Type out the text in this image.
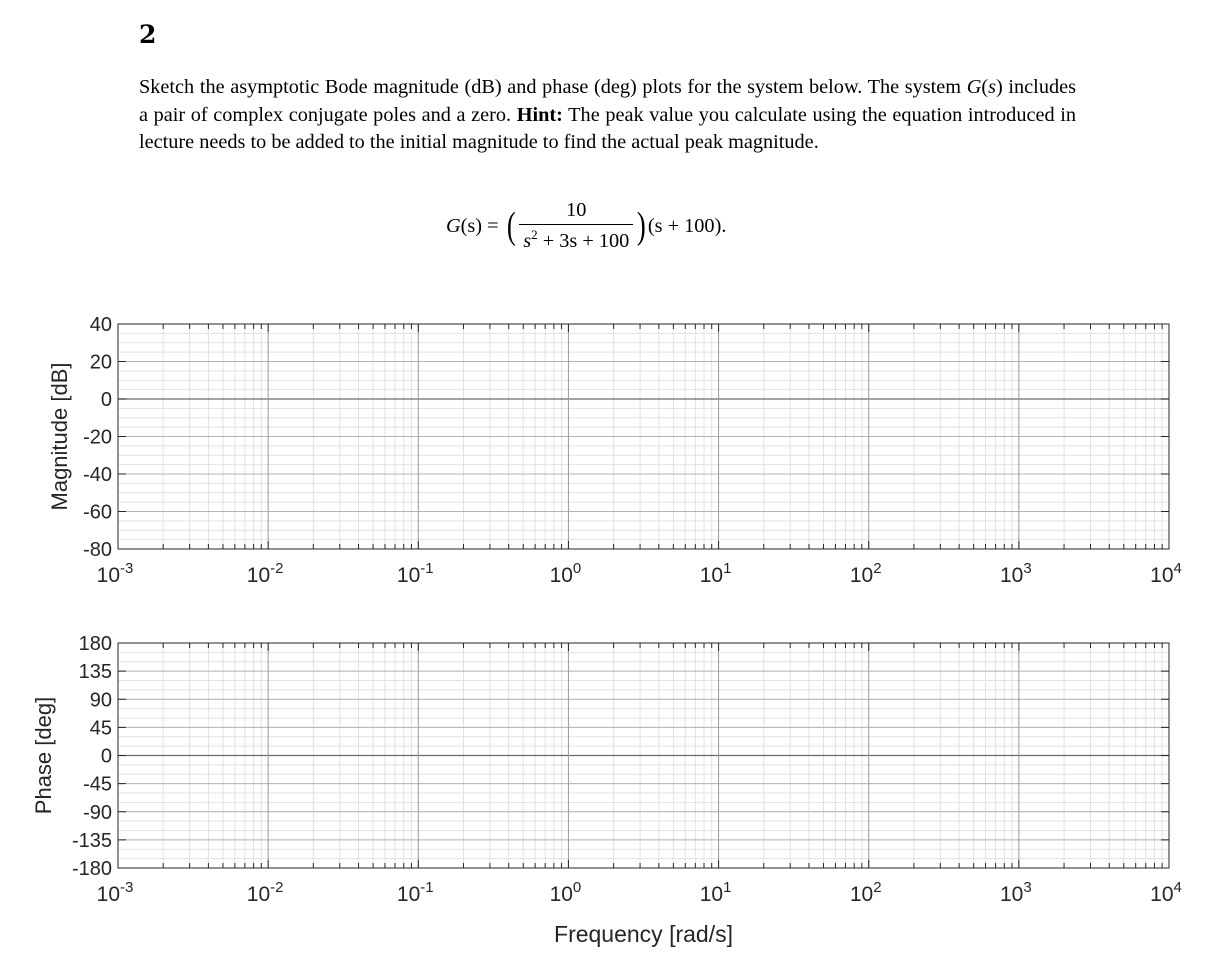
2

Sketch the asymptotic Bode magnitude (dB) and phase (deg) plots for the system below. The system G(s) includes a pair of complex conjugate poles and a zero. Hint: The peak value you calculate using the equation introduced in lecture needs to be added to the initial magnitude to find the actual peak magnitude.

G (s) = ( $\frac{10}{s^2 + 3s + 100}$ ) (s + 100).
40
20
0
-20
-40
-60
-80
$10^{-3}$	$10^{-2}$	$10^{-1}$	$10^0$	$10^1$	$10^2$	$10^3$	$10^4$
Magnitude [dB]
180
135
90
45
0
-45
-90
-135
-180
$10^{-3}$	$10^{-2}$	$10^{-1}$	$10^0$	$10^1$	$10^2$	$10^3$	$10^4$
Phase [deg]
Frequency [rad/s]
